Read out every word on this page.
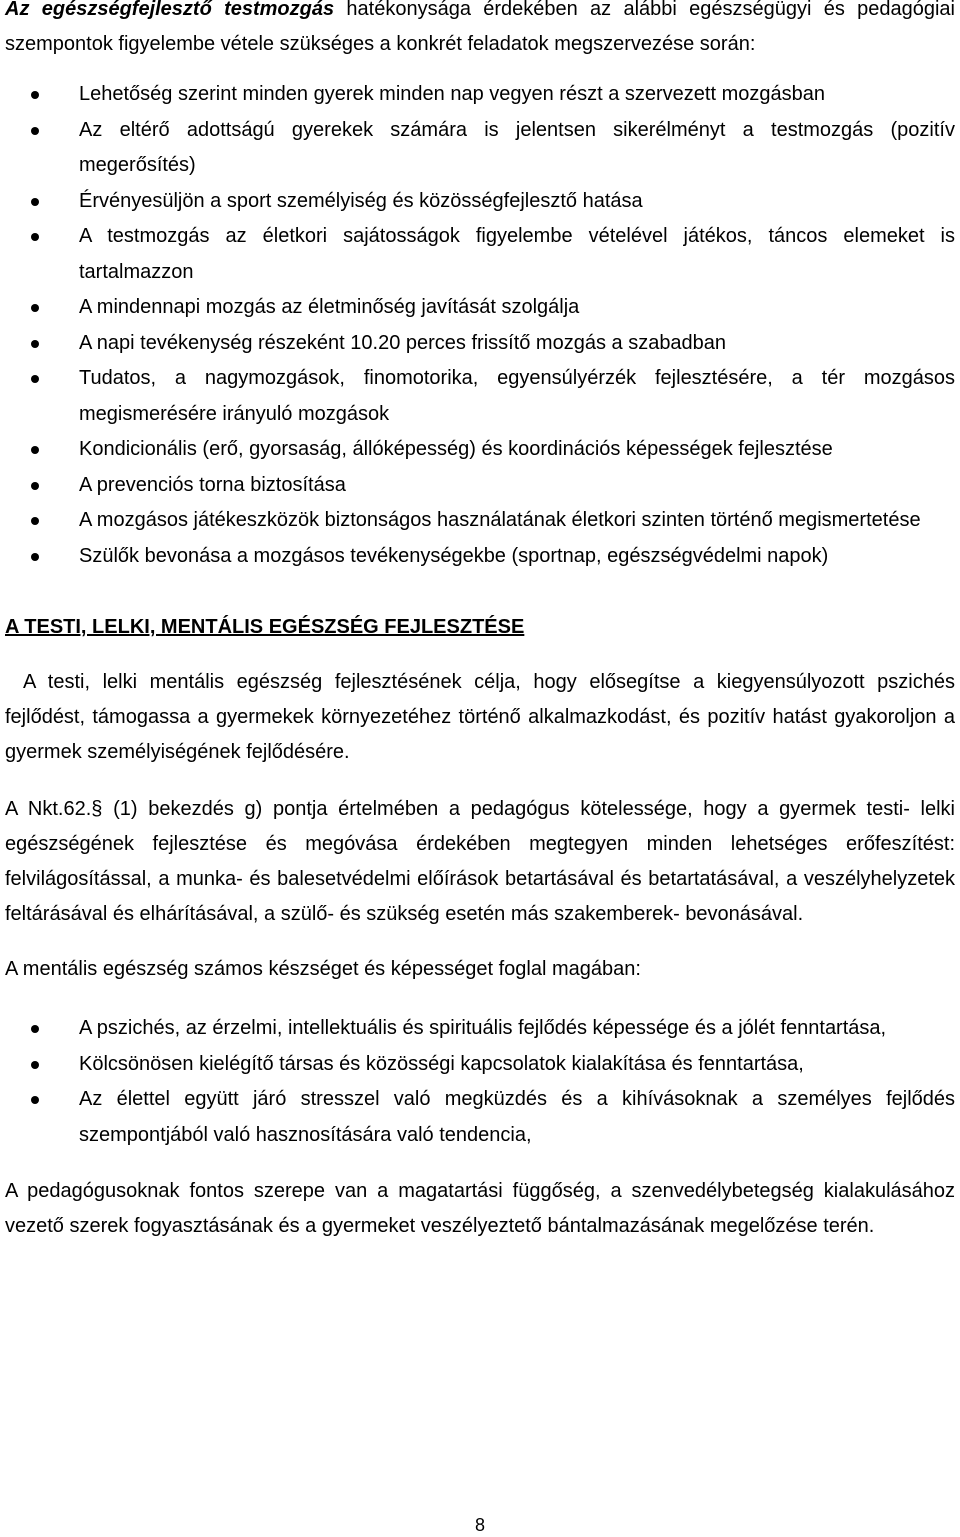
Az egészségfejlesztő testmozgás hatékonysága érdekében az alábbi egészségügyi és pedagógiai szempontok figyelembe vétele szükséges a konkrét feladatok megszervezése során:

Lehetőség szerint minden gyerek minden nap vegyen részt a szervezett mozgásban
Az eltérő adottságú gyerekek számára is jelentsen sikerélményt a testmozgás (pozitív megerősítés)
Érvényesüljön a sport személyiség és közösségfejlesztő hatása
A testmozgás az életkori sajátosságok figyelembe vételével játékos, táncos elemeket is tartalmazzon
A mindennapi mozgás az életminőség javítását szolgálja
A napi tevékenység részeként 10.20 perces frissítő mozgás a szabadban
Tudatos, a nagymozgások, finomotorika, egyensúlyérzék fejlesztésére, a tér mozgásos megismerésére irányuló mozgások
Kondicionális (erő, gyorsaság, állóképesség) és koordinációs képességek fejlesztése
A prevenciós torna biztosítása
A mozgásos játékeszközök biztonságos használatának életkori szinten történő megismertetése
Szülők bevonása a mozgásos tevékenységekbe (sportnap, egészségvédelmi napok)

A TESTI, LELKI, MENTÁLIS EGÉSZSÉG FEJLESZTÉSE

A testi, lelki mentális egészség fejlesztésének célja, hogy elősegítse a kiegyensúlyozott pszichés fejlődést, támogassa a gyermekek környezetéhez történő alkalmazkodást, és pozitív hatást gyakoroljon a gyermek személyiségének fejlődésére.

A Nkt.62.§ (1) bekezdés g) pontja értelmében a pedagógus kötelessége, hogy a gyermek testi- lelki egészségének fejlesztése és megóvása érdekében megtegyen minden lehetséges erőfeszítést: felvilágosítással, a munka- és balesetvédelmi előírások betartásával és betartatásával, a veszélyhelyzetek feltárásával és elhárításával, a szülő- és szükség esetén más szakemberek- bevonásával.

A mentális egészség számos készséget és képességet foglal magában:

A pszichés, az érzelmi, intellektuális és spirituális fejlődés képessége és a jólét fenntartása,
Kölcsönösen kielégítő társas és közösségi kapcsolatok kialakítása és fenntartása,
Az élettel együtt járó stresszel való megküzdés és a kihívásoknak a személyes fejlődés szempontjából való hasznosítására való tendencia,

A pedagógusoknak fontos szerepe van a magatartási függőség, a szenvedélybetegség kialakulásához vezető szerek fogyasztásának és a gyermeket veszélyeztető bántalmazásának megelőzése terén.

8
